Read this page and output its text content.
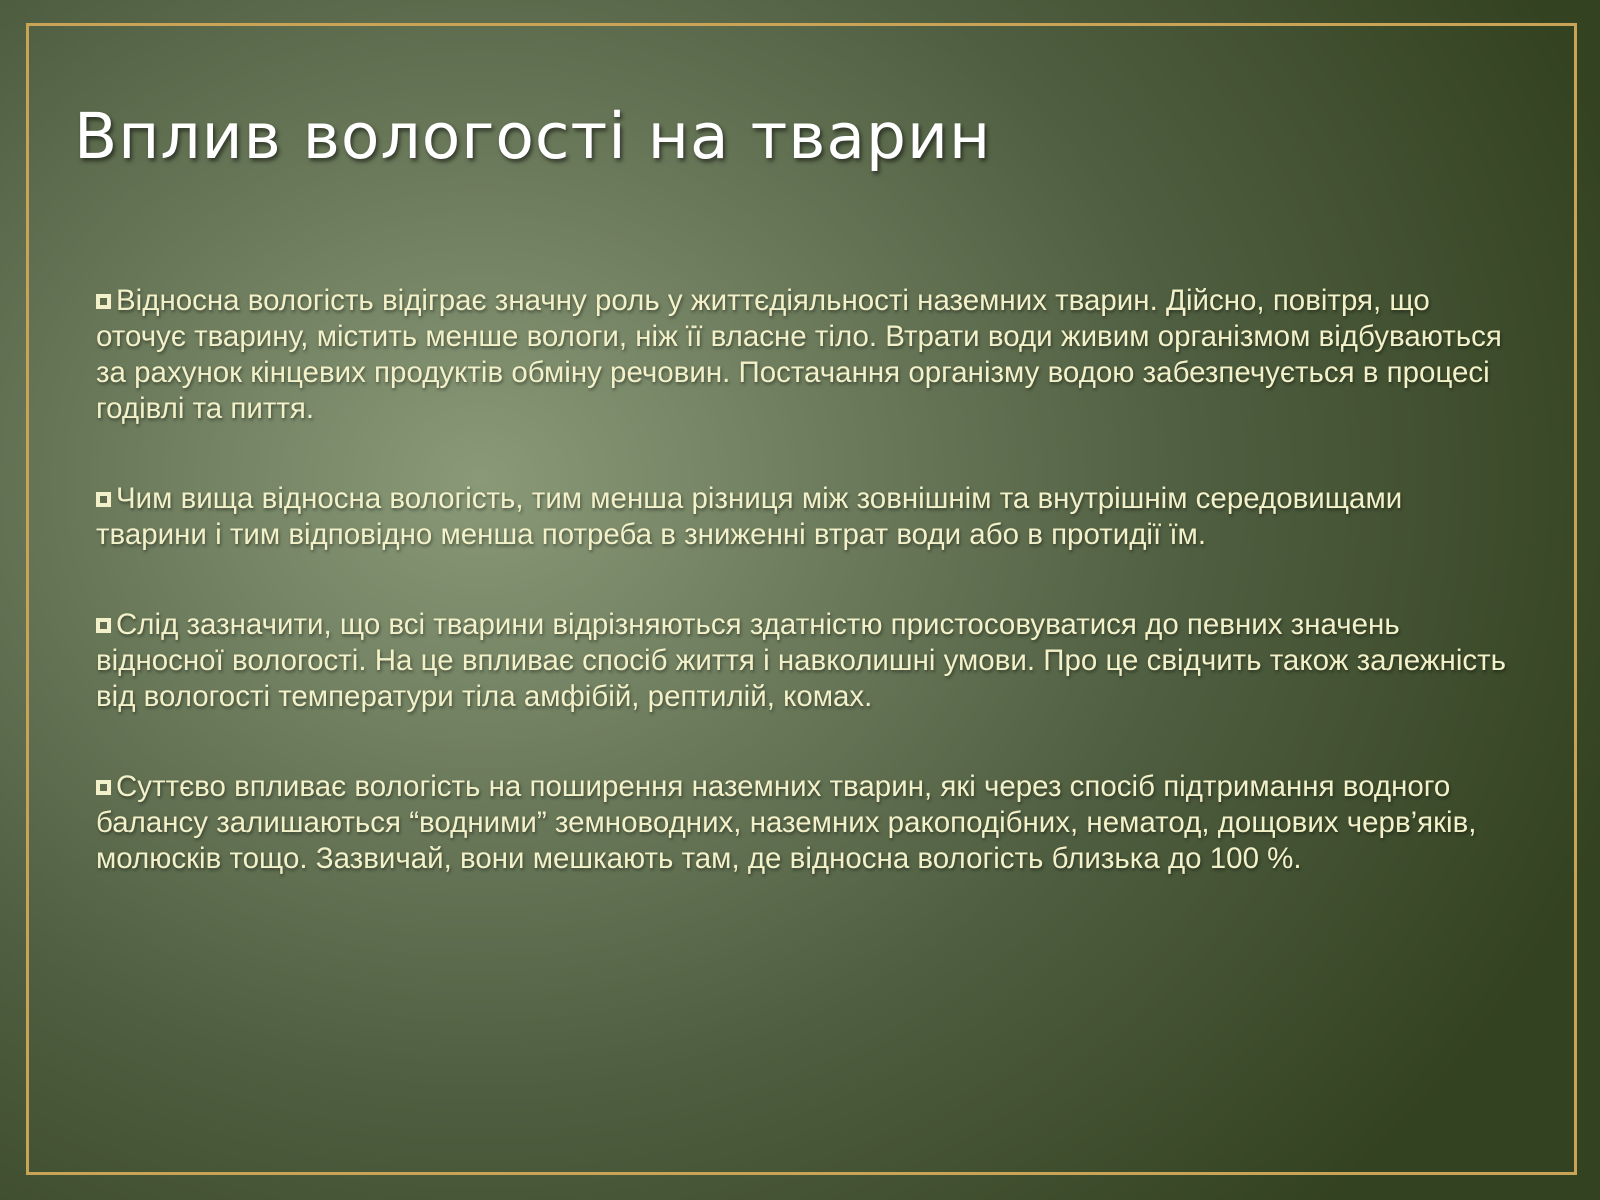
Вплив вологості на тварин

Відносна вологість відіграє значну роль у життєдіяльності наземних тварин. Дійсно, повітря, що оточує тварину, містить менше вологи, ніж її власне тіло. Втрати води живим організмом відбуваються за рахунок кінцевих продуктів обміну речовин. Постачання організму водою забезпечується в процесі годівлі та пиття.

Чим вища відносна вологість, тим менша різниця між зовнішнім та внутрішнім середовищами тварини і тим відповідно менша потреба в зниженні втрат води або в протидії їм.

Слід зазначити, що всі тварини відрізняються здатністю пристосовуватися до певних значень відносної вологості. На це впливає спосіб життя і навколишні умови. Про це свідчить також залежність від вологості температури тіла амфібій, рептилій, комах.

Суттєво впливає вологість на поширення наземних тварин, які через спосіб підтримання водного балансу залишаються “водними” земноводних, наземних ракоподібних, нематод, дощових черв’яків, молюсків тощо. Зазвичай, вони мешкають там, де відносна вологість близька до 100 %.
